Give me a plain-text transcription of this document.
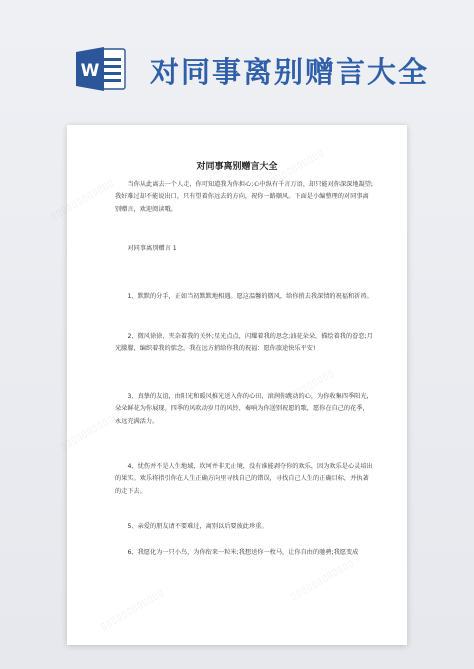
W 对同事离别赠言大全
▯▯▯▯▯▯▯▯▯▯▯▯
▯▯▯▯▯▯▯▯▯▯▯▯
▯▯▯▯▯▯▯▯▯▯▯▯
▯▯▯▯▯▯▯▯▯▯▯▯
▯▯▯▯▯▯▯▯▯▯▯▯
▯▯▯▯▯▯▯▯▯▯▯▯
对同事离别赠言大全

当你从此离去一个人走，你可知道我为你担心;心中纵有千言万语，却只能对你深深地凝望;我好难过却不能说出口，只有望着你远去的方向，祝你一路顺风。下面是小编整理的对同事离别赠言，欢迎阅读哦。

对同事离别赠言 1

1、默默的分手，正如当初默默地相遇。愿这温馨的微风，给你捎去我深情的祝福和祈祷。

2、微风徐徐，夹杂着我的关怀;星光点点，闪耀着我的思念;油花朵朵，描绘着我的眷恋;月光朦朦，编织着我的惦念。我在远方捎给你我的祝福：愿你旅途快乐平安!

3、真挚的友谊，由阳光和暖风推光送入你的心田，滚润你跳动的心，为你收集四季阳光，朵朵鲜花为你展现。四季的风吹动岁月的风铃，奏响为你送别祝愿的歌，愿你在自己的花季，永远充满活力。

4、忧伤并不是人生地域，坎坷并非无止境，没有谁能剥夺你的欢乐，因为欢乐是心灵培出的果实。欢乐将指引你在人生正确方向里寻找自己的错误，寻找自己人生的正确目标，并执著的走下去。

5、亲爱的朋友请不要难过，离别以后要彼此珍重。

6、我愿化为一只小鸟，为你衔来一粒米;我想送你一枚马，让你自由的驰骋;我愿变成
